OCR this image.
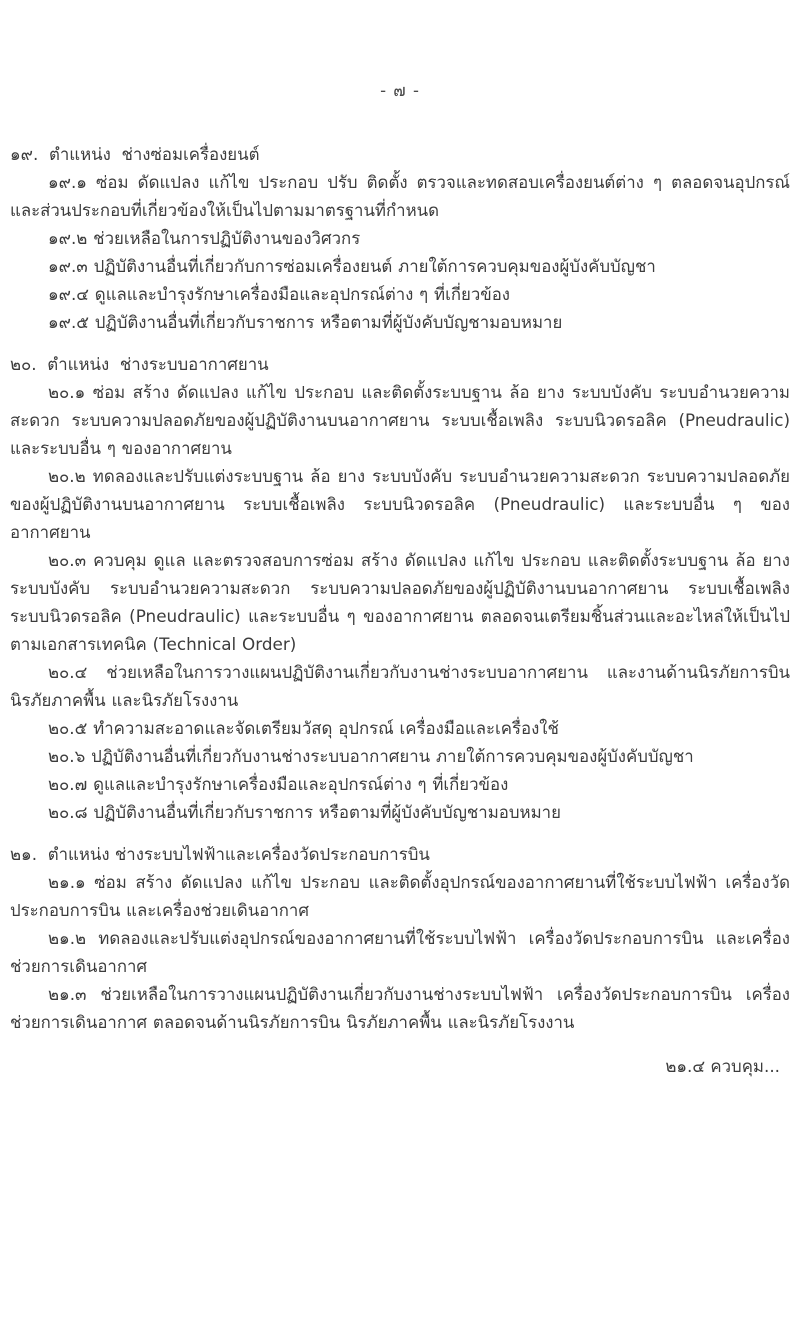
- ๗ -
๑๙.  ตำแหน่ง  ช่างซ่อมเครื่องยนต์

๑๙.๑ ซ่อม ดัดแปลง แก้ไข ประกอบ ปรับ ติดตั้ง ตรวจและทดสอบเครื่องยนต์ต่าง ๆ ตลอดจนอุปกรณ์และส่วนประกอบที่เกี่ยวข้องให้เป็นไปตามมาตรฐานที่กำหนด

๑๙.๒ ช่วยเหลือในการปฏิบัติงานของวิศวกร

๑๙.๓ ปฏิบัติงานอื่นที่เกี่ยวกับการซ่อมเครื่องยนต์ ภายใต้การควบคุมของผู้บังคับบัญชา

๑๙.๔ ดูแลและบำรุงรักษาเครื่องมือและอุปกรณ์ต่าง ๆ ที่เกี่ยวข้อง

๑๙.๕ ปฏิบัติงานอื่นที่เกี่ยวกับราชการ หรือตามที่ผู้บังคับบัญชามอบหมาย

๒๐.  ตำแหน่ง  ช่างระบบอากาศยาน

๒๐.๑ ซ่อม สร้าง ดัดแปลง แก้ไข ประกอบ และติดตั้งระบบฐาน ล้อ ยาง ระบบบังคับ ระบบอำนวยความสะดวก ระบบความปลอดภัยของผู้ปฏิบัติงานบนอากาศยาน ระบบเชื้อเพลิง ระบบนิวดรอลิค (Pneudraulic) และระบบอื่น ๆ ของอากาศยาน

๒๐.๒ ทดลองและปรับแต่งระบบฐาน ล้อ ยาง ระบบบังคับ ระบบอำนวยความสะดวก ระบบความปลอดภัยของผู้ปฏิบัติงานบนอากาศยาน ระบบเชื้อเพลิง ระบบนิวดรอลิค (Pneudraulic) และระบบอื่น ๆ ของอากาศยาน

๒๐.๓ ควบคุม ดูแล และตรวจสอบการซ่อม สร้าง ดัดแปลง แก้ไข ประกอบ และติดตั้งระบบฐาน ล้อ ยาง ระบบบังคับ ระบบอำนวยความสะดวก ระบบความปลอดภัยของผู้ปฏิบัติงานบนอากาศยาน ระบบเชื้อเพลิง ระบบนิวดรอลิค (Pneudraulic) และระบบอื่น ๆ ของอากาศยาน ตลอดจนเตรียมชิ้นส่วนและอะไหล่ให้เป็นไปตามเอกสารเทคนิค (Technical Order)

๒๐.๔ ช่วยเหลือในการวางแผนปฏิบัติงานเกี่ยวกับงานช่างระบบอากาศยาน และงานด้านนิรภัยการบิน นิรภัยภาคพื้น และนิรภัยโรงงาน

๒๐.๕ ทำความสะอาดและจัดเตรียมวัสดุ อุปกรณ์ เครื่องมือและเครื่องใช้

๒๐.๖ ปฏิบัติงานอื่นที่เกี่ยวกับงานช่างระบบอากาศยาน ภายใต้การควบคุมของผู้บังคับบัญชา

๒๐.๗ ดูแลและบำรุงรักษาเครื่องมือและอุปกรณ์ต่าง ๆ ที่เกี่ยวข้อง

๒๐.๘ ปฏิบัติงานอื่นที่เกี่ยวกับราชการ หรือตามที่ผู้บังคับบัญชามอบหมาย

๒๑.  ตำแหน่ง ช่างระบบไฟฟ้าและเครื่องวัดประกอบการบิน

๒๑.๑ ซ่อม สร้าง ดัดแปลง แก้ไข ประกอบ และติดตั้งอุปกรณ์ของอากาศยานที่ใช้ระบบไฟฟ้า เครื่องวัดประกอบการบิน และเครื่องช่วยเดินอากาศ

๒๑.๒ ทดลองและปรับแต่งอุปกรณ์ของอากาศยานที่ใช้ระบบไฟฟ้า เครื่องวัดประกอบการบิน และเครื่องช่วยการเดินอากาศ

๒๑.๓ ช่วยเหลือในการวางแผนปฏิบัติงานเกี่ยวกับงานช่างระบบไฟฟ้า เครื่องวัดประกอบการบิน เครื่องช่วยการเดินอากาศ ตลอดจนด้านนิรภัยการบิน นิรภัยภาคพื้น และนิรภัยโรงงาน

๒๑.๔ ควบคุม...
